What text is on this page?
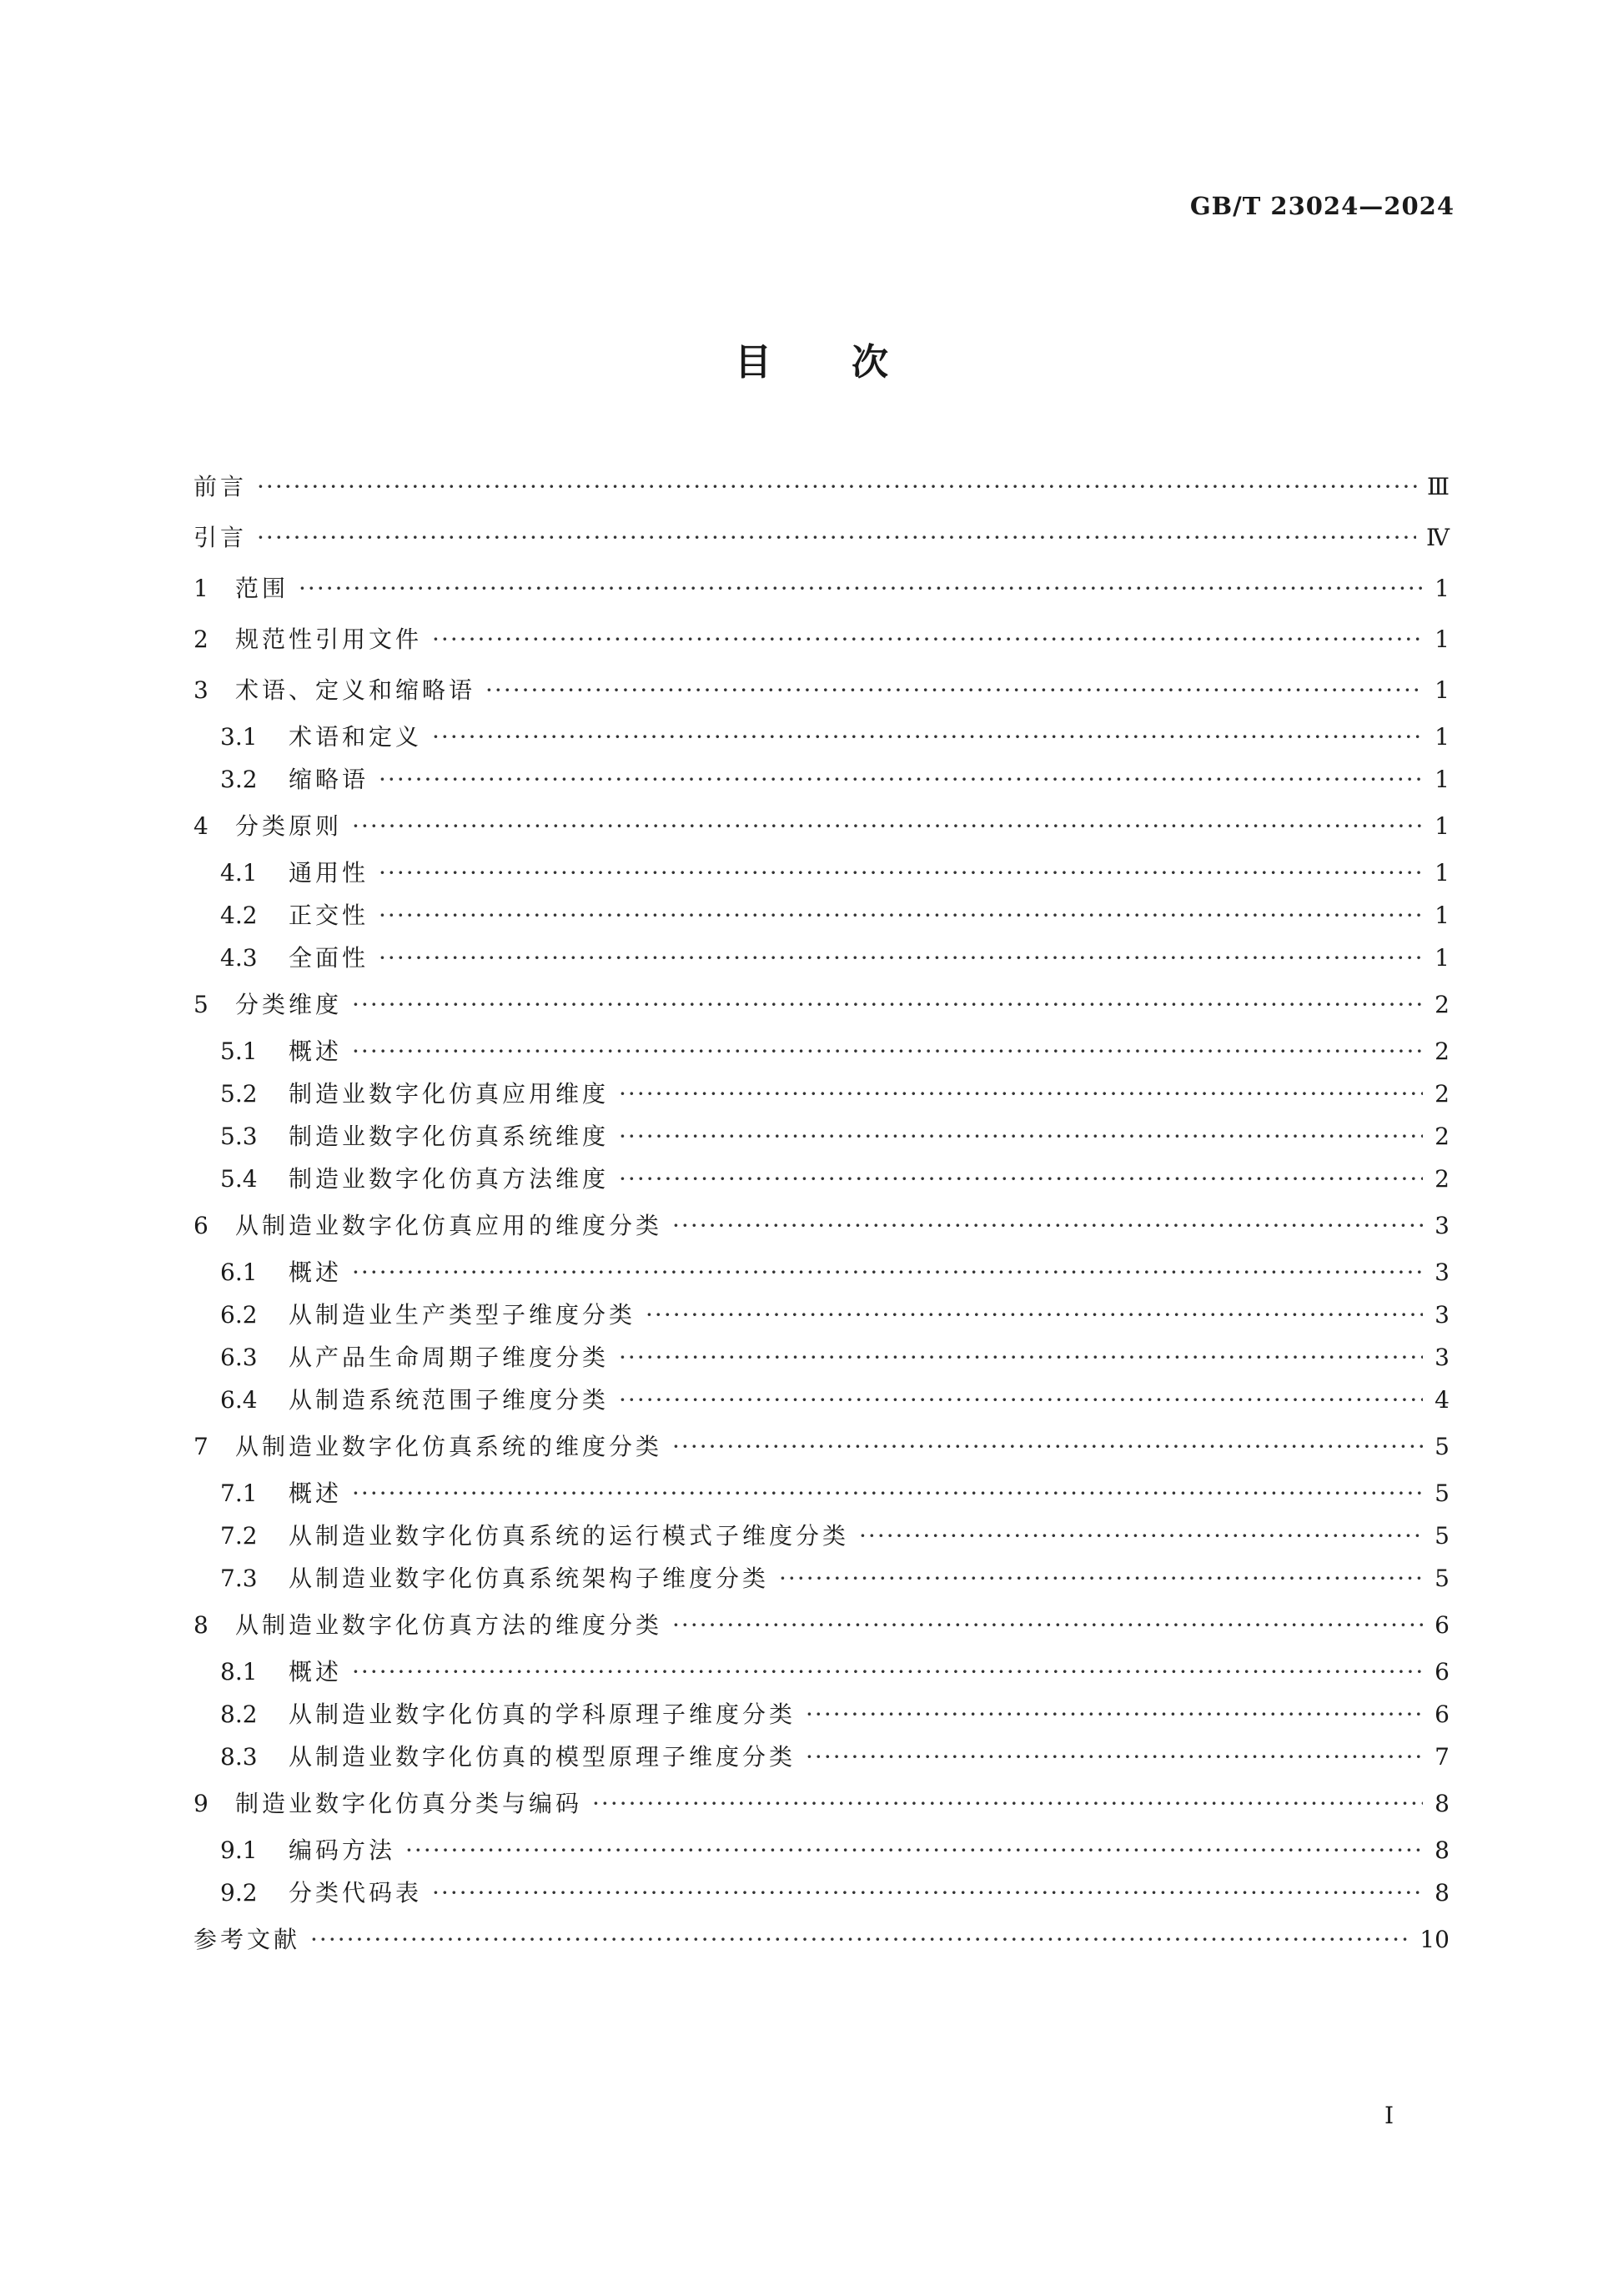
GB/T 23024—2024
目次
前言 ·····	Ⅲ
引言 ·····	Ⅳ
1	范围 ·····	1
2	规范性引用文件 ·····	1
3	术语、定义和缩略语 ·····	1
3.1	术语和定义 ·····	1
3.2	缩略语 ·····	1
4	分类原则 ·····	1
4.1	通用性 ·····	1
4.2	正交性 ·····	1
4.3	全面性 ·····	1
5	分类维度 ·····	2
5.1	概述 ·····	2
5.2	制造业数字化仿真应用维度 ·····	2
5.3	制造业数字化仿真系统维度 ·····	2
5.4	制造业数字化仿真方法维度 ·····	2
6	从制造业数字化仿真应用的维度分类 ·····	3
6.1	概述 ·····	3
6.2	从制造业生产类型子维度分类 ·····	3
6.3	从产品生命周期子维度分类 ·····	3
6.4	从制造系统范围子维度分类 ·····	4
7	从制造业数字化仿真系统的维度分类 ·····	5
7.1	概述 ·····	5
7.2	从制造业数字化仿真系统的运行模式子维度分类 ·····	5
7.3	从制造业数字化仿真系统架构子维度分类 ·····	5
8	从制造业数字化仿真方法的维度分类 ·····	6
8.1	概述 ·····	6
8.2	从制造业数字化仿真的学科原理子维度分类 ·····	6
8.3	从制造业数字化仿真的模型原理子维度分类 ·····	7
9	制造业数字化仿真分类与编码 ·····	8
9.1	编码方法 ·····	8
9.2	分类代码表 ·····	8
参考文献 ·····	10
Ⅰ
